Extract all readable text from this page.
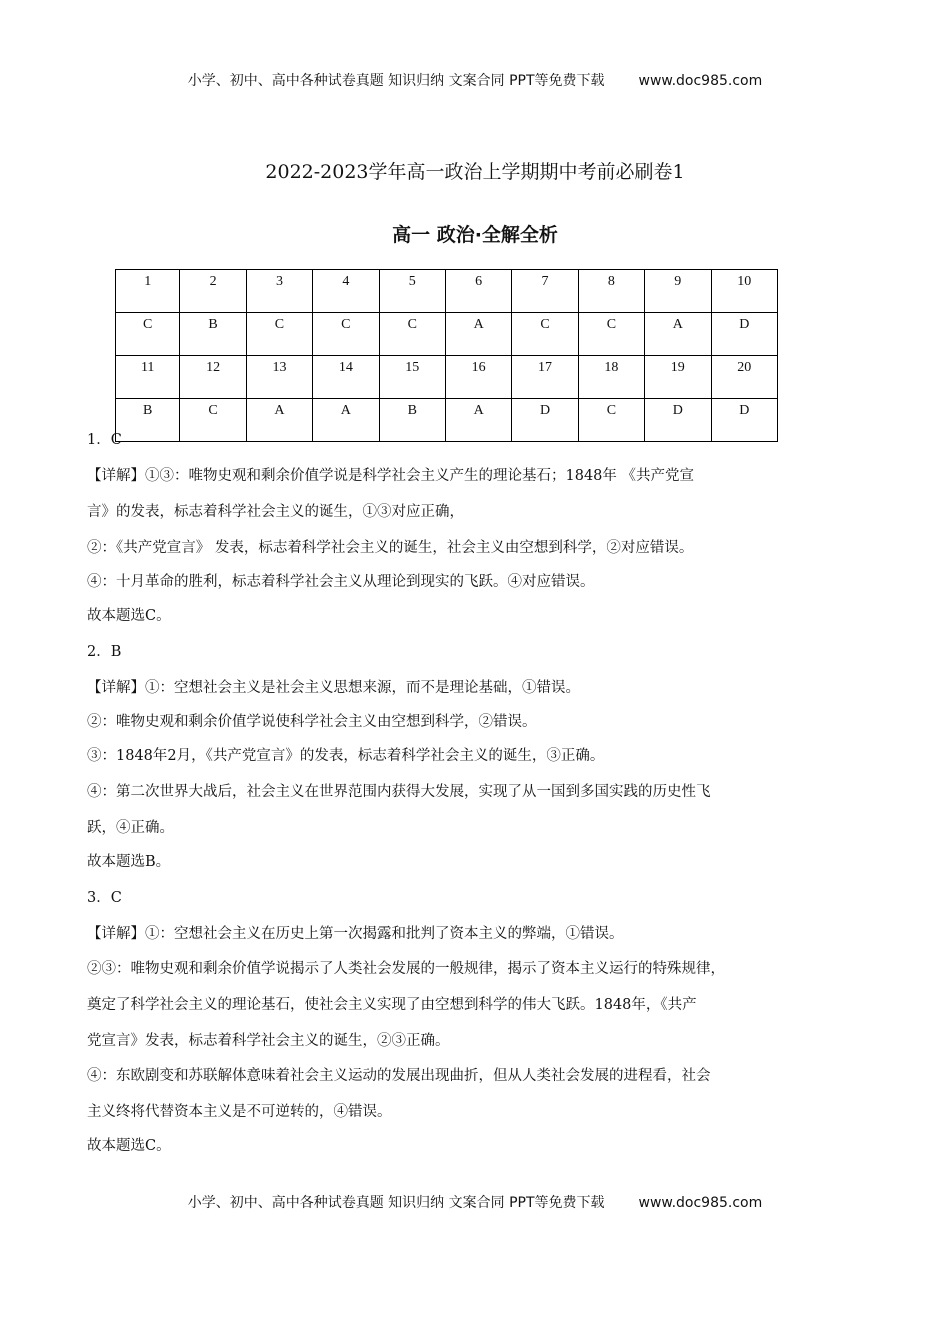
小学、初中、高中各种试卷真题 知识归纳 文案合同 PPT等免费下载 www.doc985.com
2022-2023学年高一政治上学期期中考前必刷卷1
高一 政治·全解全析
1	2	3	4	5	6	7	8	9	10
C	B	C	C	C	A	C	C	A	D
11	12	13	14	15	16	17	18	19	20
B	C	A	A	B	A	D	C	D	D
1．C
【详解】①③：唯物史观和剩余价值学说是科学社会主义产生的理论基石；1848年 《共产党宣
言》的发表，标志着科学社会主义的诞生，①③对应正确，
②：《共产党宣言》 发表，标志着科学社会主义的诞生，社会主义由空想到科学，②对应错误。
④：十月革命的胜利，标志着科学社会主义从理论到现实的飞跃。④对应错误。
故本题选C。
2．B
【详解】①：空想社会主义是社会主义思想来源，而不是理论基础，①错误。
②：唯物史观和剩余价值学说使科学社会主义由空想到科学，②错误。
③：1848年2月，《共产党宣言》的发表，标志着科学社会主义的诞生，③正确。
④：第二次世界大战后，社会主义在世界范围内获得大发展，实现了从一国到多国实践的历史性飞
跃，④正确。
故本题选B。
3．C
【详解】①：空想社会主义在历史上第一次揭露和批判了资本主义的弊端，①错误。
②③：唯物史观和剩余价值学说揭示了人类社会发展的一般规律，揭示了资本主义运行的特殊规律，
奠定了科学社会主义的理论基石，使社会主义实现了由空想到科学的伟大飞跃。1848年，《共产
党宣言》发表，标志着科学社会主义的诞生，②③正确。
④：东欧剧变和苏联解体意味着社会主义运动的发展出现曲折，但从人类社会发展的进程看，社会
主义终将代替资本主义是不可逆转的，④错误。
故本题选C。
小学、初中、高中各种试卷真题 知识归纳 文案合同 PPT等免费下载 www.doc985.com
